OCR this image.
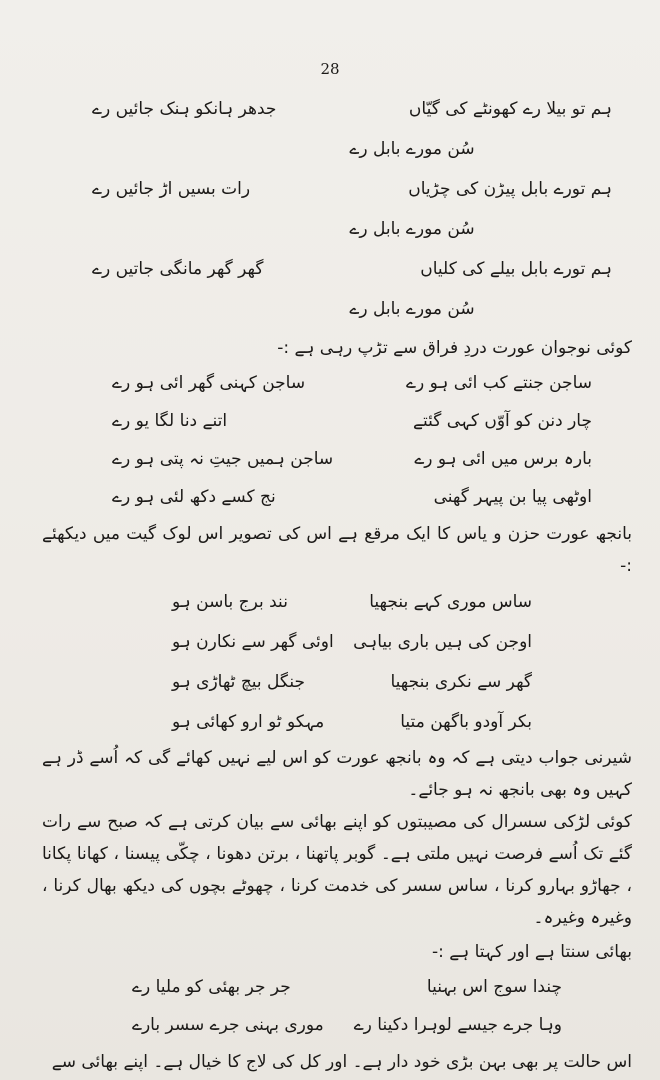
28
ہم تو بیلا رے کھونٹے کی گیّاں
جدھر ہانکو ہنک جائیں رے
سُن مورے بابل رے
ہم تورے بابل پیڑن کی چڑیاں
رات بسیں اڑ جائیں رے
سُن مورے بابل رے
ہم تورے بابل بیلے کی کلیاں
گھر گھر مانگی جاتیں رے
سُن مورے بابل رے
کوئی نوجوان عورت دردِ فراق سے تڑپ رہی ہے :-
ساجن جنتے کب ائی ہو رے
ساجن کہنی گھر ائی ہو رے
چار دنن کو آوّں کہی گئتے
اتنے دنا لگا یو رے
بارہ برس میں ائی ہو رے
ساجن ہمیں جیتِ نہ پتی ہو رے
اوٹھی پیا بن پیہر گھنی
نج کسے دکھ لئی ہو رے
بانجھ عورت حزن و یاس کا ایک مرقع ہے اس کی تصویر اس لوک گیت میں دیکھئے :-
ساس موری کہے بنجھیا
نند برج باسن ہو
اوجن کی ہیں باری بیاہی
اوئی گھر سے نکارن ہو
گھر سے نکری بنجھیا
جنگل بیچ ٹھاڑی ہو
بکر آودو باگھن متیا
مہکو ٹو ارو کھائی ہو
شیرنی جواب دیتی ہے کہ وہ بانجھ عورت کو اس لیے نہیں کھائے گی کہ اُسے ڈر ہے کہیں وہ بھی بانجھ نہ ہو جائے۔
کوئی لڑکی سسرال کی مصیبتوں کو اپنے بھائی سے بیان کرتی ہے کہ صبح سے رات گئے تک اُسے فرصت نہیں ملتی ہے۔ گوبر پاتھنا ، برتن دھونا ، چکّی پیسنا ، کھانا پکانا ، جھاڑو بہارو کرنا ، ساس سسر کی خدمت کرنا ، چھوٹے بچوں کی دیکھ بھال کرنا ، وغیرہ وغیرہ۔
بھائی سنتا ہے اور کہتا ہے :-
چندا سوج اس بہنیا
جر جر بھئی کو ملیا رے
وہا جرے جیسے لوہرا دکینا رے
موری بہنی جرے سسر بارے
اس حالت پر بھی بہن بڑی خود دار ہے۔ اور کل کی لاج کا خیال ہے۔ اپنے بھائی سے
